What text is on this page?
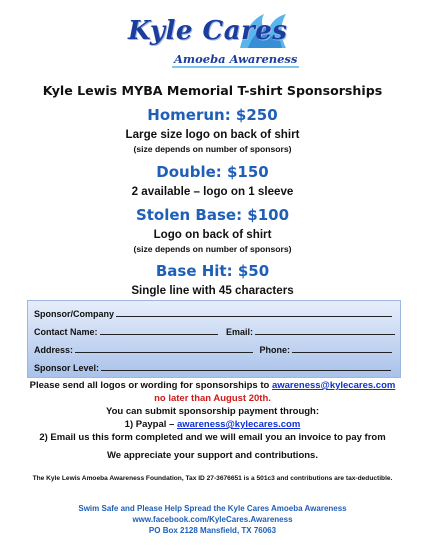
Kyle Cares
Amoeba Awareness
Kyle Lewis MYBA Memorial T-shirt Sponsorships
Homerun: $250
Large size logo on back of shirt
(size depends on number of sponsors)
Double: $150
2 available – logo on 1 sleeve
Stolen Base: $100
Logo on back of shirt
(size depends on number of sponsors)
Base Hit: $50
Single line with 45 characters
Sponsor/Company
Contact Name:	Email:
Address:	Phone:
Sponsor Level:
Please send all logos or wording for sponsorships to awareness@kylecares.com
no later than August 20th.
You can submit sponsorship payment through:
1) Paypal – awareness@kylecares.com
2) Email us this form completed and we will email you an invoice to pay from
We appreciate your support and contributions.
The Kyle Lewis Amoeba Awareness Foundation, Tax ID 27-3676651 is a 501c3 and contributions are tax-deductible.
Swim Safe and Please Help Spread the Kyle Cares Amoeba Awareness
www.facebook.com/KyleCares.Awareness
PO Box 2128 Mansfield, TX 76063
